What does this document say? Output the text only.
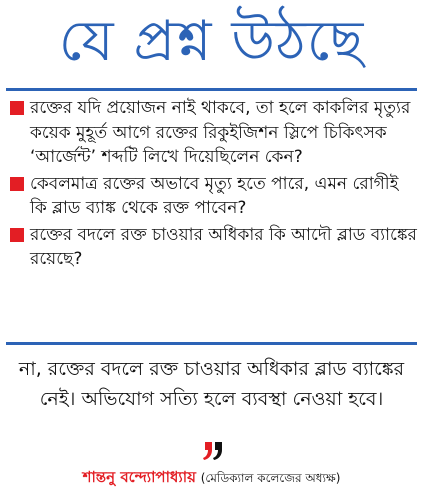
যে প্রশ্ন উঠছে
রক্তের যদি প্রয়োজন নাই থাকবে, তা হলে কাকলির মৃত্যুর কয়েক মুহূর্ত আগে রক্তের রিকুইজিশন স্লিপে চিকিৎসক ‘আর্জেন্ট’ শব্দটি লিখে দিয়েছিলেন কেন?
কেবলমাত্র রক্তের অভাবে মৃত্যু হতে পারে, এমন রোগীই কি ব্লাড ব্যাঙ্ক থেকে রক্ত পাবেন?
রক্তের বদলে রক্ত চাওয়ার অধিকার কি আদৌ ব্লাড ব্যাঙ্কের রয়েছে?
না, রক্তের বদলে রক্ত চাওয়ার অধিকার ব্লাড ব্যাঙ্কের নেই। অভিযোগ সত্যি হলে ব্যবস্থা নেওয়া হবে।
শান্তনু বন্দ্যোপাধ্যায় (মেডিক্যাল কলেজের অধ্যক্ষ)
